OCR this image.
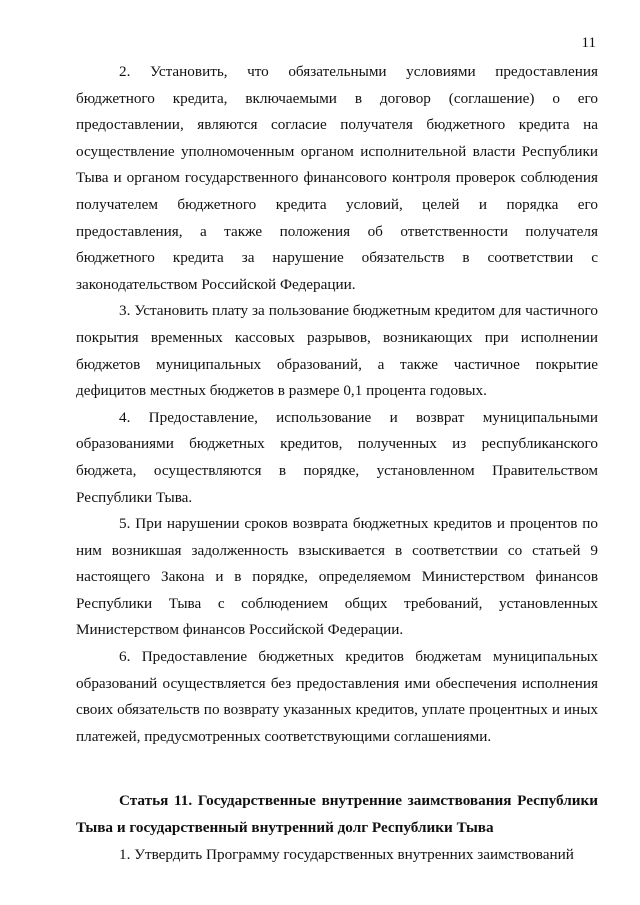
11

2. Установить, что обязательными условиями предоставления бюджетного кредита, включаемыми в договор (соглашение) о его предоставлении, являются согласие получателя бюджетного кредита на осуществление уполномоченным органом исполнительной власти Республики Тыва и органом государственного финансового контроля проверок соблюдения получателем бюджетного кредита условий, целей и порядка его предоставления, а также положения об ответственности получателя бюджетного кредита за нарушение обязательств в соответствии с законодательством Российской Федерации.

3. Установить плату за пользование бюджетным кредитом для частичного покрытия временных кассовых разрывов, возникающих при исполнении бюджетов муниципальных образований, а также частичное покрытие дефицитов местных бюджетов в размере 0,1 процента годовых.

4. Предоставление, использование и возврат муниципальными образованиями бюджетных кредитов, полученных из республиканского бюджета, осуществляются в порядке, установленном Правительством Республики Тыва.

5. При нарушении сроков возврата бюджетных кредитов и процентов по ним возникшая задолженность взыскивается в соответствии со статьей 9 настоящего Закона и в порядке, определяемом Министерством финансов Республики Тыва с соблюдением общих требований, установленных Министерством финансов Российской Федерации.

6. Предоставление бюджетных кредитов бюджетам муниципальных образований осуществляется без предоставления ими обеспечения исполнения своих обязательств по возврату указанных кредитов, уплате процентных и иных платежей, предусмотренных соответствующими соглашениями.

Статья 11. Государственные внутренние заимствования Республики Тыва и государственный внутренний долг Республики Тыва

1. Утвердить Программу государственных внутренних заимствований
